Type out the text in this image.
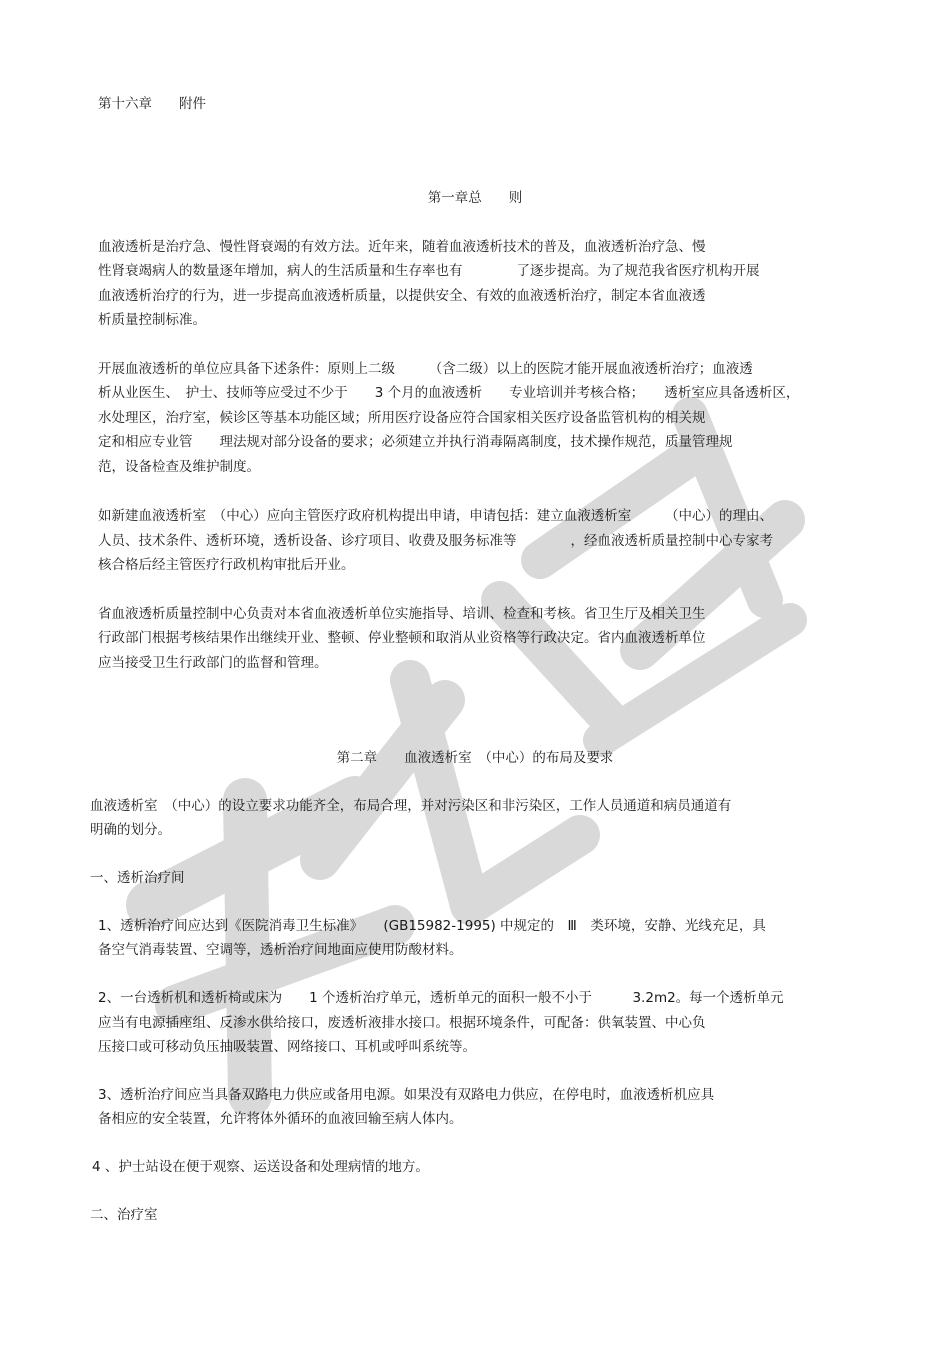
第十六章　　附件
第一章总　　则
血液透析是治疗急、慢性肾衰竭的有效方法。近年来，随着血液透析技术的普及，血液透析治疗急、慢
性肾衰竭病人的数量逐年增加，病人的生活质量和生存率也有　　　　了逐步提高。为了规范我省医疗机构开展
血液透析治疗的行为，进一步提高血液透析质量，以提供安全、有效的血液透析治疗，制定本省血液透
析质量控制标准。
开展血液透析的单位应具备下述条件：原则上二级　　　（含二级）以上的医院才能开展血液透析治疗；血液透
析从业医生、　护士、技师等应受过不少于　　3 个月的血液透析　　专业培训并考核合格；　　透析室应具备透析区，
水处理区，治疗室，候诊区等基本功能区域；所用医疗设备应符合国家相关医疗设备监管机构的相关规
定和相应专业管　　理法规对部分设备的要求；必须建立并执行消毒隔离制度，技术操作规范，质量管理规
范，设备检查及维护制度。
如新建血液透析室　（中心）应向主管医疗政府机构提出申请，申请包括：建立血液透析室　　　（中心）的理由、
人员、技术条件、透析环境，透析设备、诊疗项目、收费及服务标准等　　　　，经血液透析质量控制中心专家考
核合格后经主管医疗行政机构审批后开业。
省血液透析质量控制中心负责对本省血液透析单位实施指导、培训、检查和考核。省卫生厅及相关卫生
行政部门根据考核结果作出继续开业、整顿、停业整顿和取消从业资格等行政决定。省内血液透析单位
应当接受卫生行政部门的监督和管理。
第二章　　血液透析室　（中心）的布局及要求
血液透析室　（中心）的设立要求功能齐全，布局合理，并对污染区和非污染区，工作人员通道和病员通道有
明确的划分。
一、透析治疗间
1、透析治疗间应达到《医院消毒卫生标准》　　(GB15982-1995) 中规定的　Ⅲ　类环境，安静、光线充足，具
备空气消毒装置、空调等，透析治疗间地面应使用防酸材料。
2、一台透析机和透析椅或床为　　1 个透析治疗单元，透析单元的面积一般不小于　　　3.2m2。每一个透析单元
应当有电源插座组、反渗水供给接口，废透析液排水接口。根据环境条件，可配备：供氧装置、中心负
压接口或可移动负压抽吸装置、网络接口、耳机或呼叫系统等。
3、透析治疗间应当具备双路电力供应或备用电源。如果没有双路电力供应，在停电时，血液透析机应具
备相应的安全装置，允许将体外循环的血液回输至病人体内。
4 、护士站设在便于观察、运送设备和处理病情的地方。
二、治疗室
